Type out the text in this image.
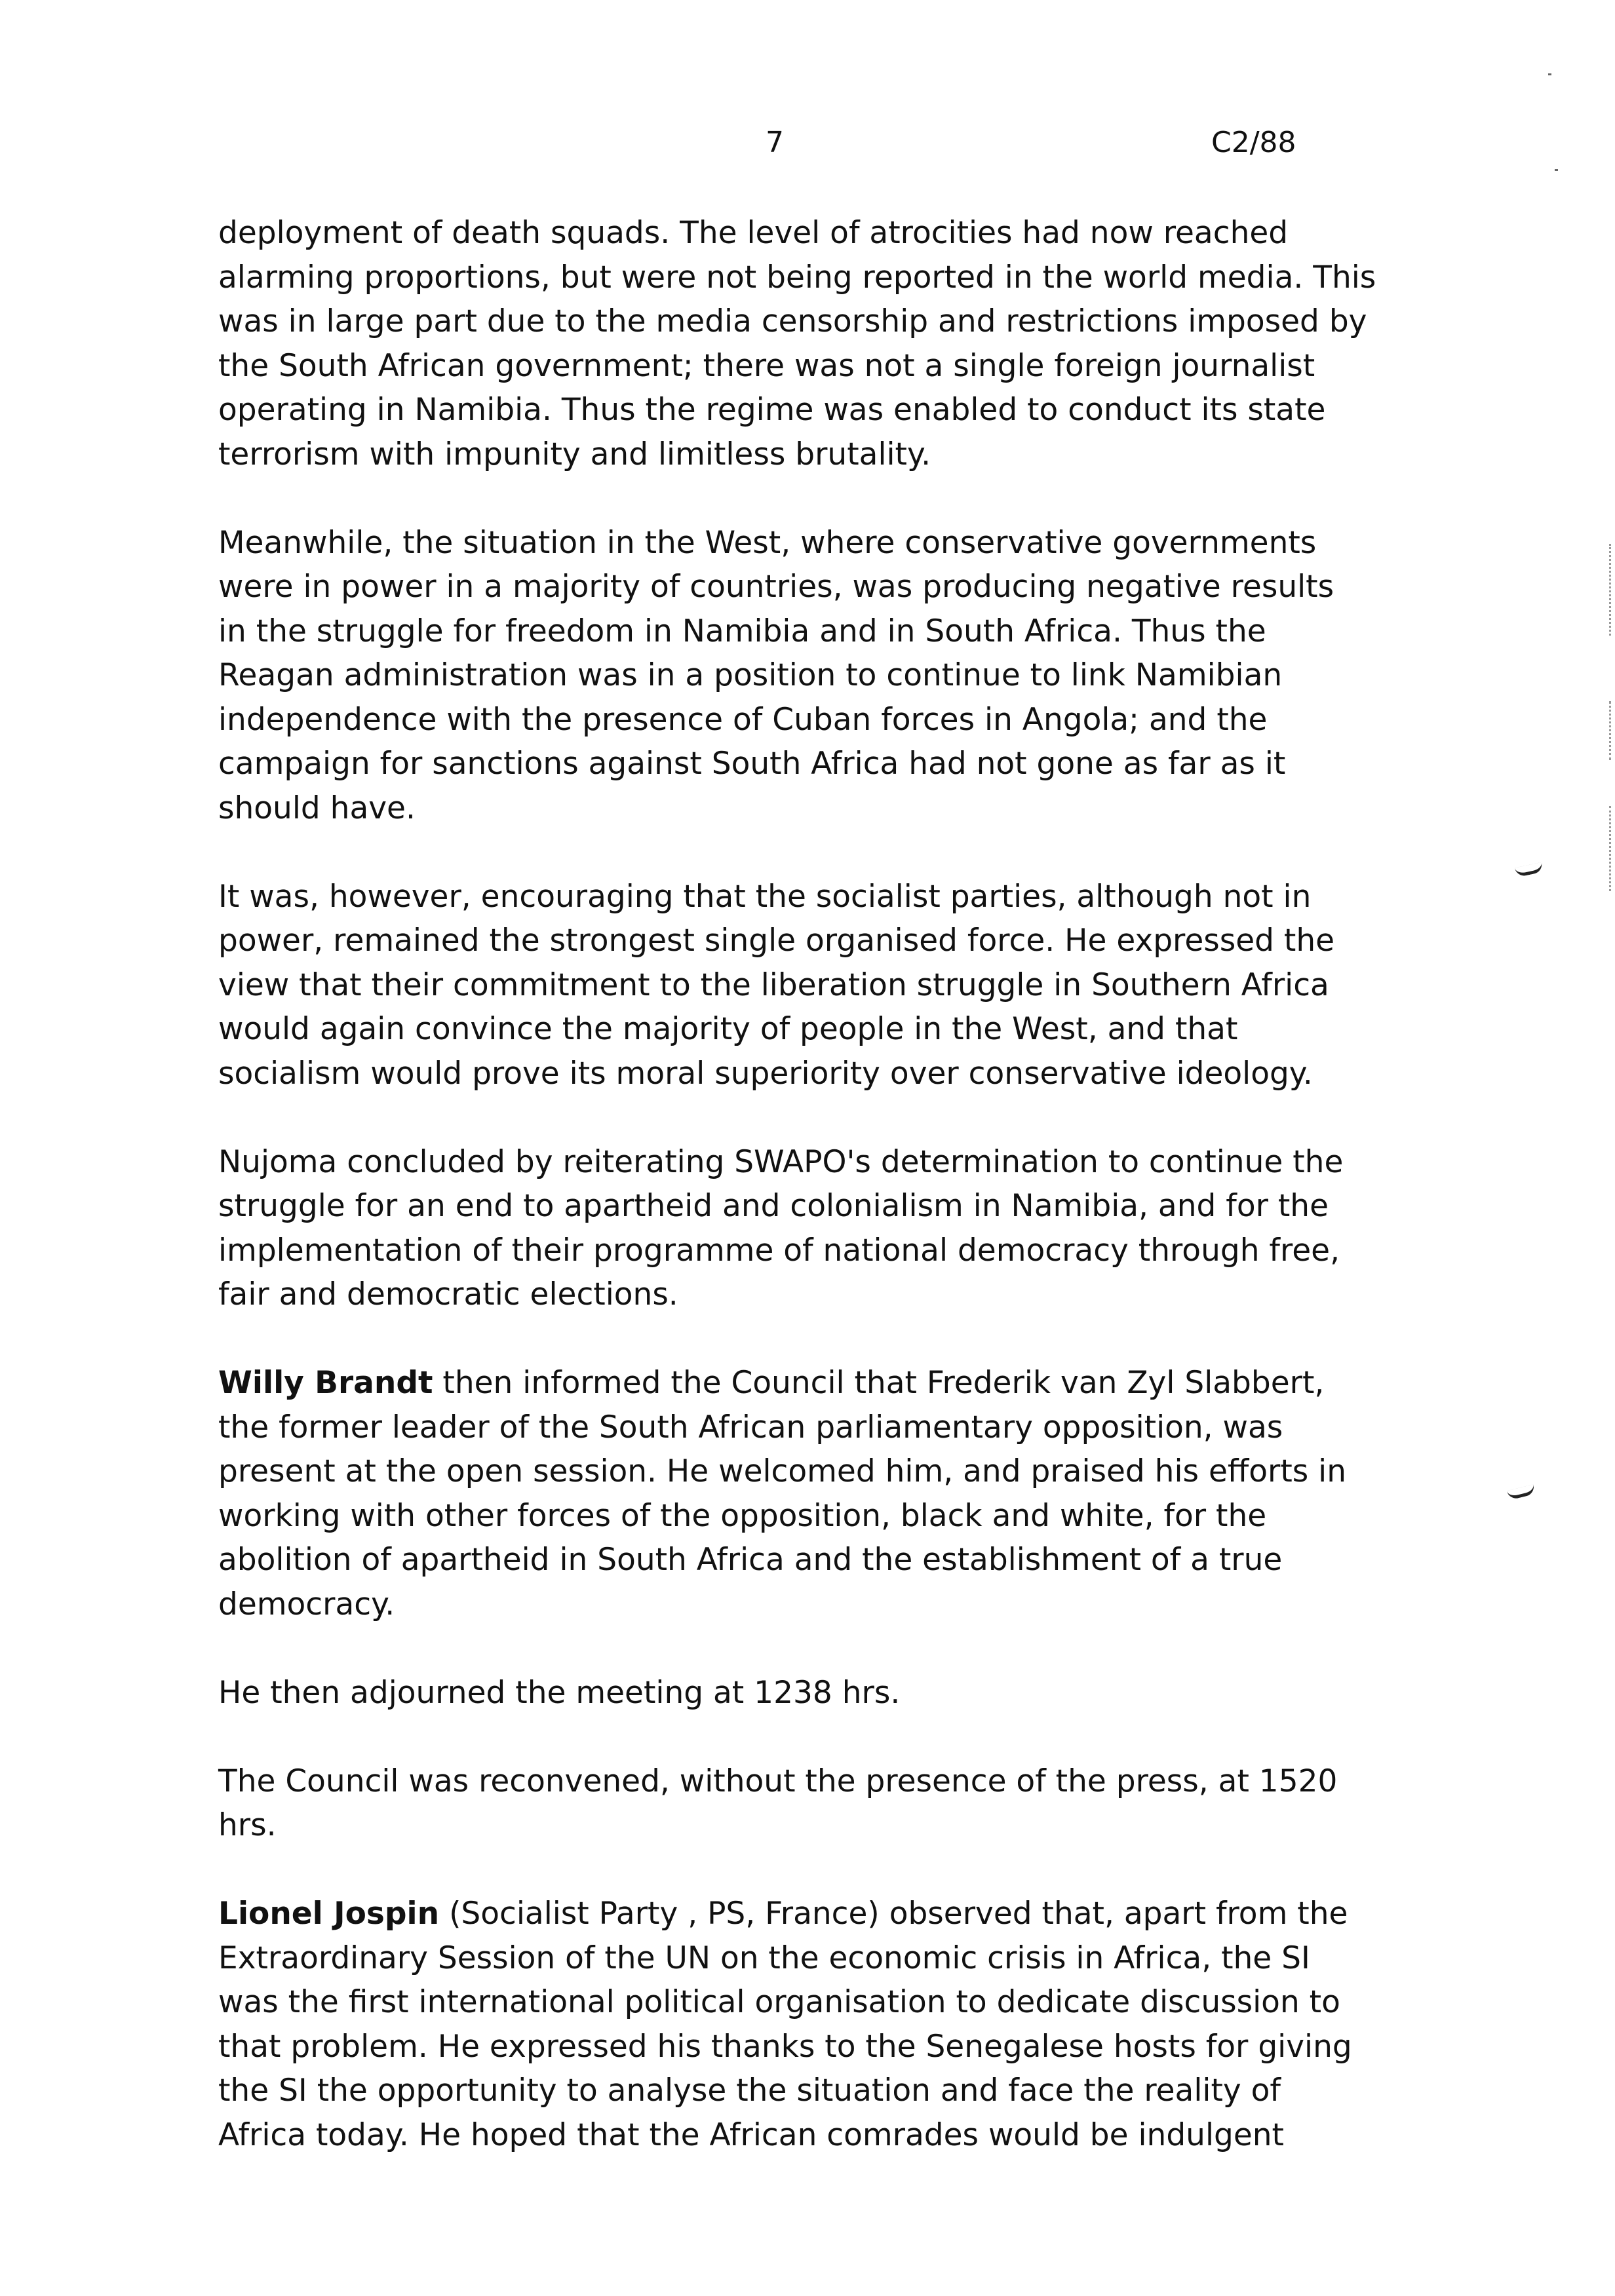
7	C2/88

deployment of death squads. The level of atrocities had now reached
alarming proportions, but were not being reported in the world media. This
was in large part due to the media censorship and restrictions imposed by
the South African government; there was not a single foreign journalist
operating in Namibia. Thus the regime was enabled to conduct its state
terrorism with impunity and limitless brutality.

Meanwhile, the situation in the West, where conservative governments
were in power in a majority of countries, was producing negative results
in the struggle for freedom in Namibia and in South Africa. Thus the
Reagan administration was in a position to continue to link Namibian
independence with the presence of Cuban forces in Angola; and the
campaign for sanctions against South Africa had not gone as far as it
should have.

It was, however, encouraging that the socialist parties, although not in
power, remained the strongest single organised force. He expressed the
view that their commitment to the liberation struggle in Southern Africa
would again convince the majority of people in the West, and that
socialism would prove its moral superiority over conservative ideology.

Nujoma concluded by reiterating SWAPO's determination to continue the
struggle for an end to apartheid and colonialism in Namibia, and for the
implementation of their programme of national democracy through free,
fair and democratic elections.

Willy Brandt then informed the Council that Frederik van Zyl Slabbert,
the former leader of the South African parliamentary opposition, was
present at the open session. He welcomed him, and praised his efforts in
working with other forces of the opposition, black and white, for the
abolition of apartheid in South Africa and the establishment of a true
democracy.

He then adjourned the meeting at 1238 hrs.

The Council was reconvened, without the presence of the press, at 1520
hrs.

Lionel Jospin (Socialist Party , PS, France) observed that, apart from the
Extraordinary Session of the UN on the economic crisis in Africa, the SI
was the first international political organisation to dedicate discussion to
that problem. He expressed his thanks to the Senegalese hosts for giving
the SI the opportunity to analyse the situation and face the reality of
Africa today. He hoped that the African comrades would be indulgent
